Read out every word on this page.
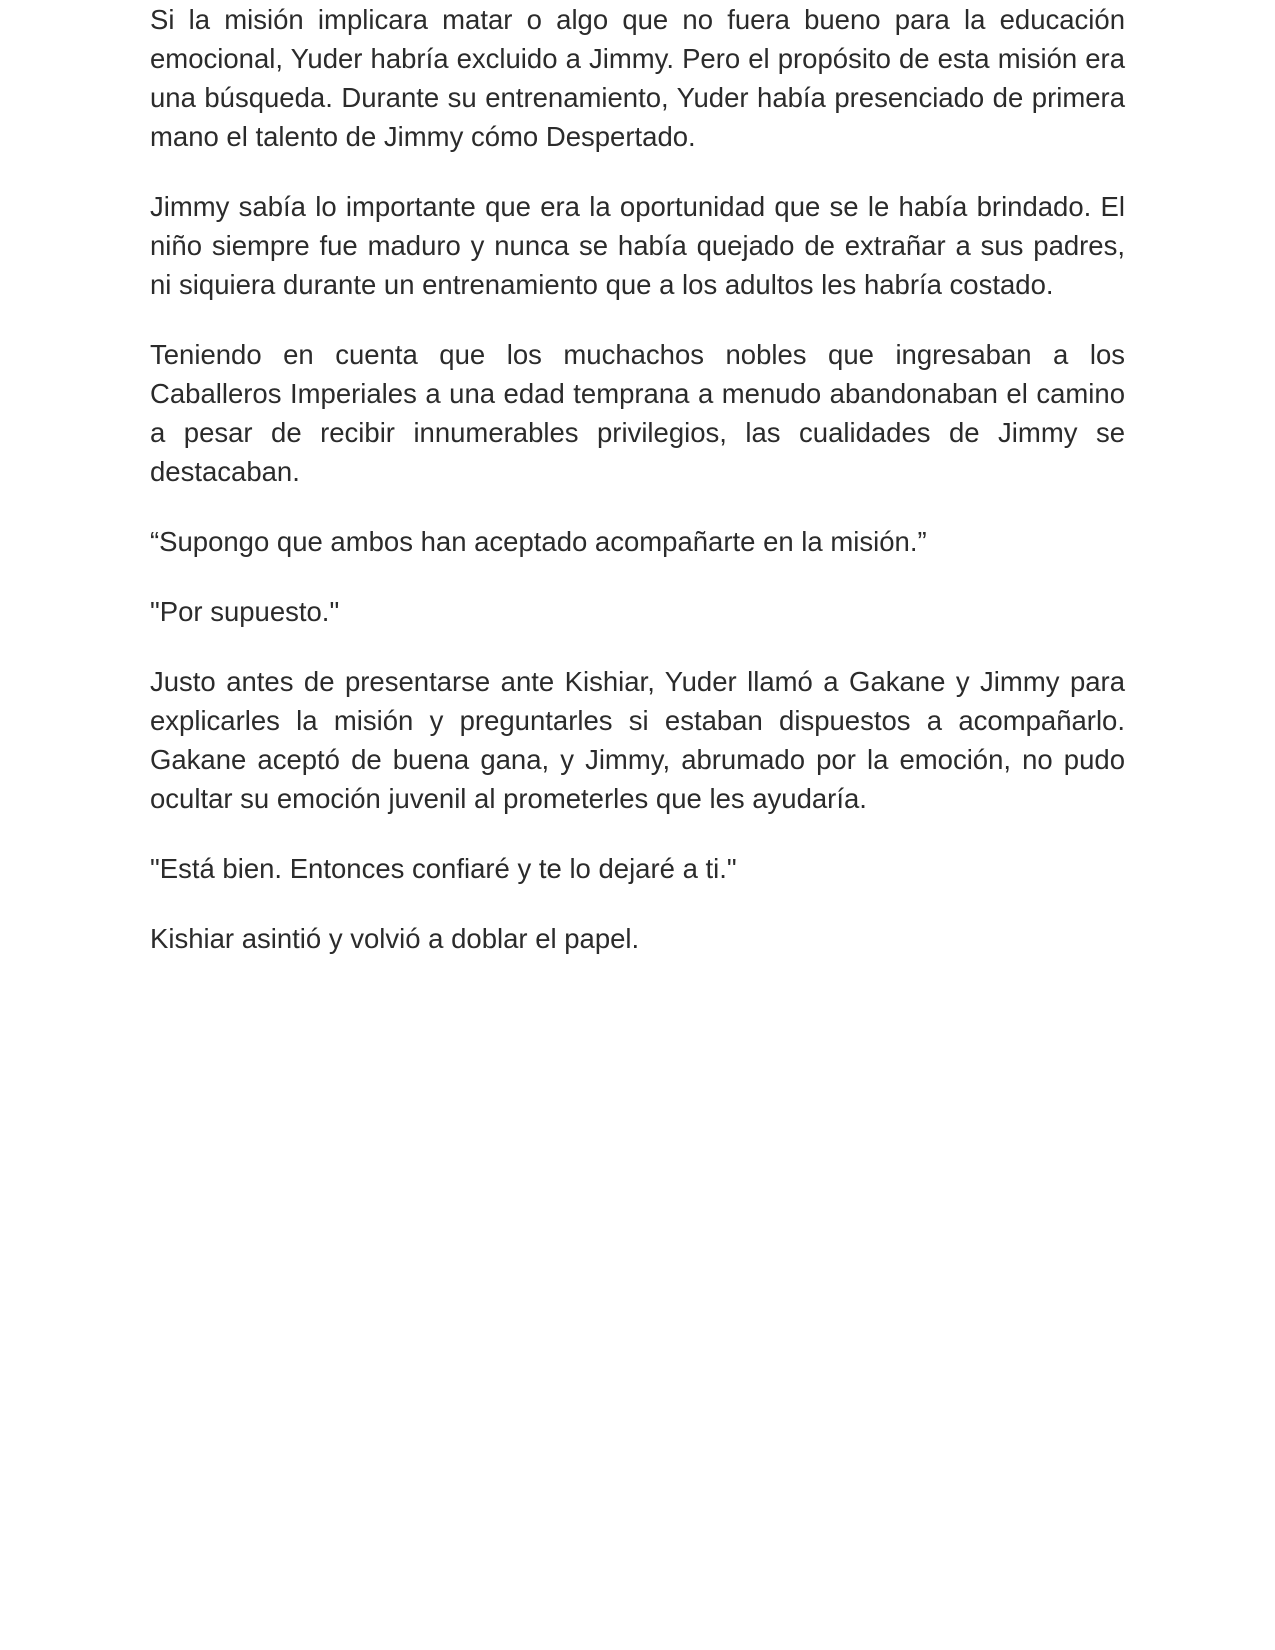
Si la misión implicara matar o algo que no fuera bueno para la educación emocional, Yuder habría excluido a Jimmy. Pero el propósito de esta misión era una búsqueda. Durante su entrenamiento, Yuder había presenciado de primera mano el talento de Jimmy cómo Despertado.

Jimmy sabía lo importante que era la oportunidad que se le había brindado. El niño siempre fue maduro y nunca se había quejado de extrañar a sus padres, ni siquiera durante un entrenamiento que a los adultos les habría costado.

Teniendo en cuenta que los muchachos nobles que ingresaban a los Caballeros Imperiales a una edad temprana a menudo abandonaban el camino a pesar de recibir innumerables privilegios, las cualidades de Jimmy se destacaban.

“Supongo que ambos han aceptado acompañarte en la misión.”

"Por supuesto."

Justo antes de presentarse ante Kishiar, Yuder llamó a Gakane y Jimmy para explicarles la misión y preguntarles si estaban dispuestos a acompañarlo. Gakane aceptó de buena gana, y Jimmy, abrumado por la emoción, no pudo ocultar su emoción juvenil al prometerles que les ayudaría.

"Está bien. Entonces confiaré y te lo dejaré a ti."

Kishiar asintió y volvió a doblar el papel.
